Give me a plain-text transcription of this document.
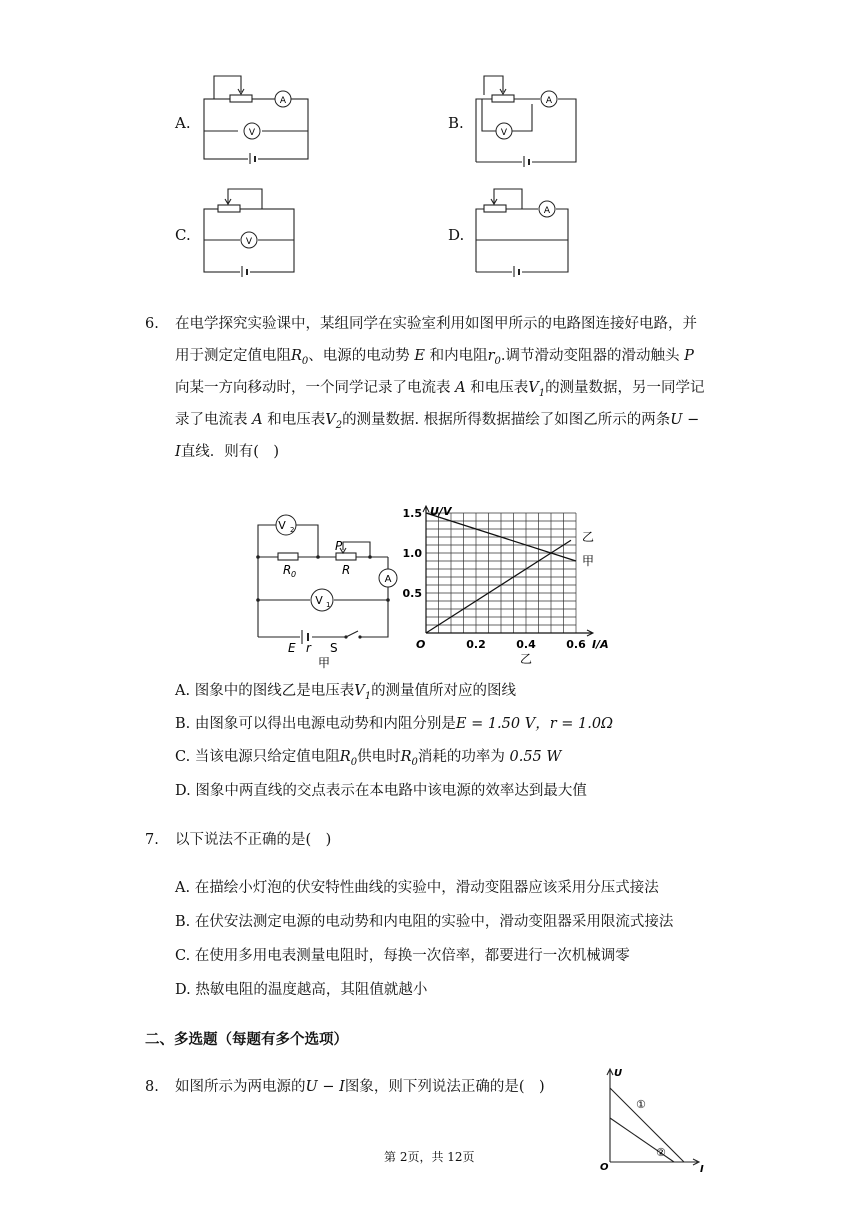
A.	B.
C.	D.
A
V
A
V
V
A
6. 在电学探究实验课中，某组同学在实验室利用如图甲所示的电路图连接好电路，并
用于测定定值电阻$R_0$、电源的电动势 E 和内电阻$r_0$.调节滑动变阻器的滑动触头 P
向某一方向移动时，一个同学记录了电流表 A 和电压表$V_1$的测量数据，另一同学记
录了电流表 A 和电压表$V_2$的测量数据. 根据所得数据描绘了如图乙所示的两条U −
I直线．则有(　)
V 2
V 1
A
R 0	R
P
E r S
甲
乙
甲
0.2	0.4	0.6
0.5
1.0
1.5
O
U/V
I/A
乙
A. 图象中的图线乙是电压表$V_1$的测量值所对应的图线
B. 由图象可以得出电源电动势和内阻分别是E = 1.50 V，r = 1.0Ω
C. 当该电源只给定值电阻$R_0$供电时$R_0$消耗的功率为 0.55 W
D. 图象中两直线的交点表示在本电路中该电源的效率达到最大值
7. 以下说法不正确的是(　)
A. 在描绘小灯泡的伏安特性曲线的实验中，滑动变阻器应该采用分压式接法
B. 在伏安法测定电源的电动势和内电阻的实验中，滑动变阻器采用限流式接法
C. 在使用多用电表测量电阻时，每换一次倍率，都要进行一次机械调零
D. 热敏电阻的温度越高，其阻值就越小
二、多选题（每题有多个选项）
8. 如图所示为两电源的U − I图象，则下列说法正确的是(　)
U
I
O
①
②
第 2页，共 12页
